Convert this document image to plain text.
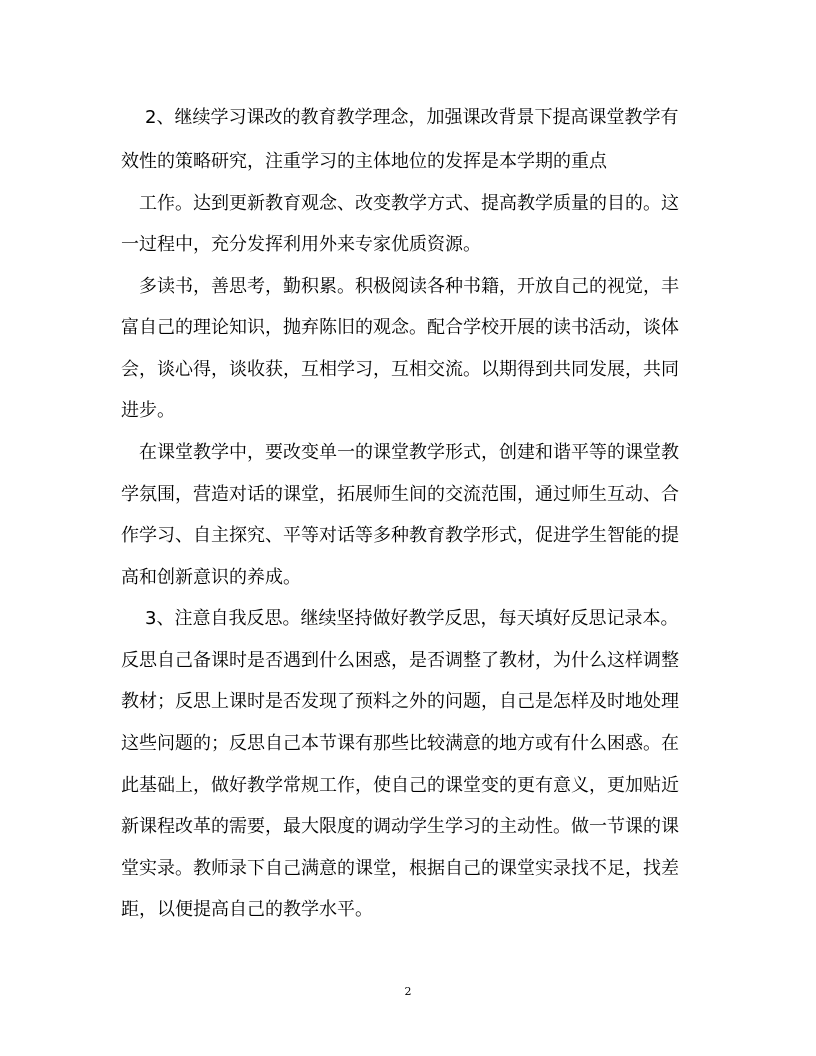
2、继续学习课改的教育教学理念，加强课改背景下提高课堂教学有
效性的策略研究，注重学习的主体地位的发挥是本学期的重点
工作。达到更新教育观念、改变教学方式、提高教学质量的目的。这
一过程中，充分发挥利用外来专家优质资源。
多读书，善思考，勤积累。积极阅读各种书籍，开放自己的视觉，丰
富自己的理论知识，抛弃陈旧的观念。配合学校开展的读书活动，谈体
会，谈心得，谈收获，互相学习，互相交流。以期得到共同发展，共同
进步。
在课堂教学中，要改变单一的课堂教学形式，创建和谐平等的课堂教
学氛围，营造对话的课堂，拓展师生间的交流范围，通过师生互动、合
作学习、自主探究、平等对话等多种教育教学形式，促进学生智能的提
高和创新意识的养成。
3、注意自我反思。继续坚持做好教学反思，每天填好反思记录本。
反思自己备课时是否遇到什么困惑，是否调整了教材，为什么这样调整
教材；反思上课时是否发现了预料之外的问题，自己是怎样及时地处理
这些问题的；反思自己本节课有那些比较满意的地方或有什么困惑。在
此基础上，做好教学常规工作，使自己的课堂变的更有意义，更加贴近
新课程改革的需要，最大限度的调动学生学习的主动性。做一节课的课
堂实录。教师录下自己满意的课堂，根据自己的课堂实录找不足，找差
距，以便提高自己的教学水平。
2
